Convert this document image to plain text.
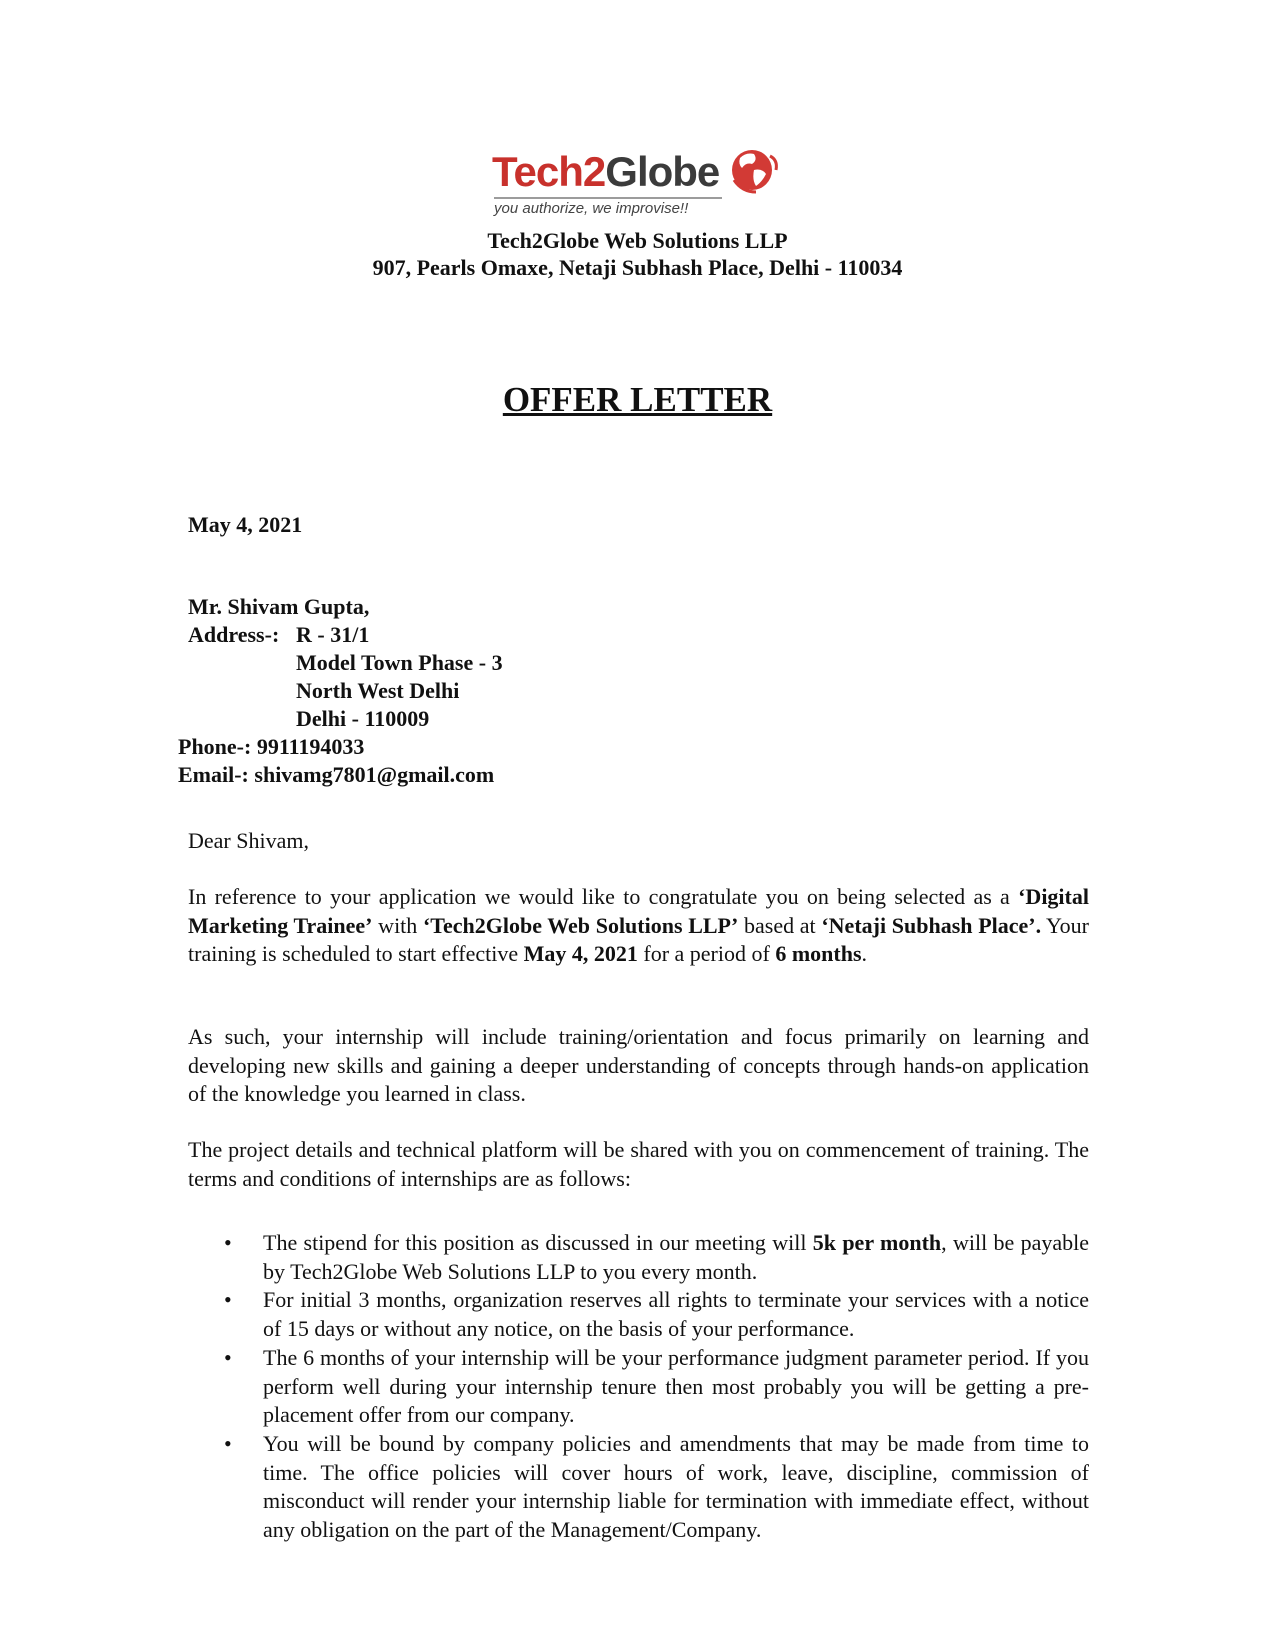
Tech2Globe
you authorize, we improvise!!
Tech2Globe Web Solutions LLP
907, Pearls Omaxe, Netaji Subhash Place, Delhi - 110034
OFFER LETTER
May 4, 2021
Mr. Shivam Gupta,
Address-: R - 31/1
Model Town Phase - 3
North West Delhi
Delhi - 110009
Phone-: 9911194033
Email-: shivamg7801@gmail.com
Dear Shivam,
In reference to your application we would like to congratulate you on being selected as a ‘Digital Marketing Trainee’ with ‘Tech2Globe Web Solutions LLP’ based at ‘Netaji Subhash Place’. Your training is scheduled to start effective May 4, 2021 for a period of 6 months.
As such, your internship will include training/orientation and focus primarily on learning and developing new skills and gaining a deeper understanding of concepts through hands-on application of the knowledge you learned in class.
The project details and technical platform will be shared with you on commencement of training. The terms and conditions of internships are as follows:
• The stipend for this position as discussed in our meeting will 5k per month, will be payable by Tech2Globe Web Solutions LLP to you every month.
• For initial 3 months, organization reserves all rights to terminate your services with a notice of 15 days or without any notice, on the basis of your performance.
• The 6 months of your internship will be your performance judgment parameter period. If you perform well during your internship tenure then most probably you will be getting a pre-placement offer from our company.
• You will be bound by company policies and amendments that may be made from time to time. The office policies will cover hours of work, leave, discipline, commission of misconduct will render your internship liable for termination with immediate effect, without any obligation on the part of the Management/Company.
